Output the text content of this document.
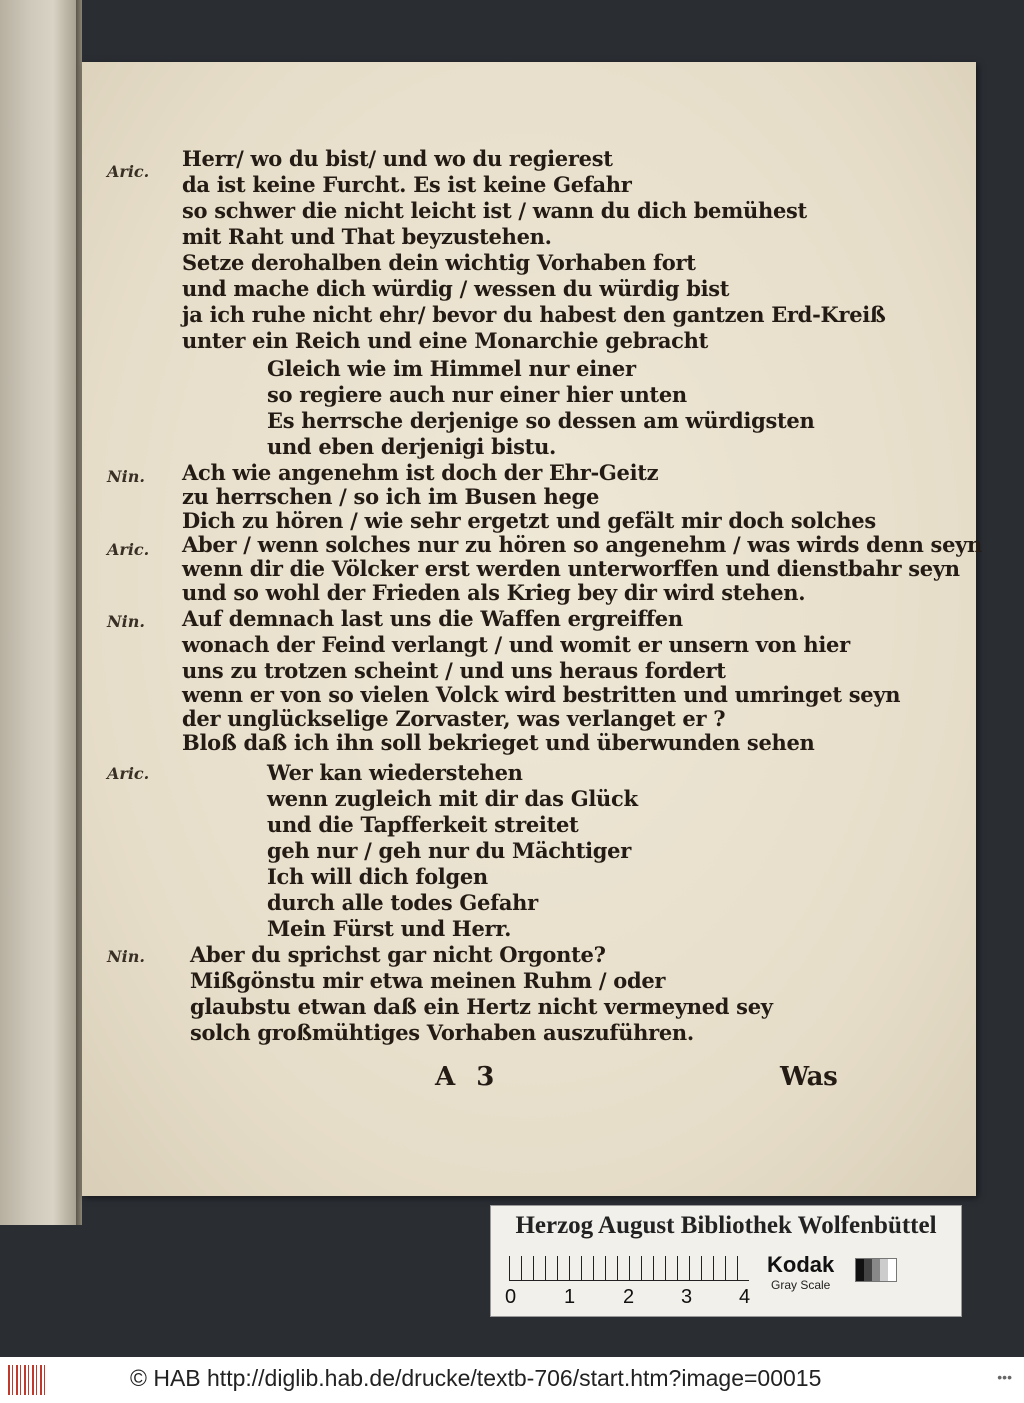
Aric.
Nin.
Aric.
Nin.
Aric.
Nin.
Herr/ wo du bist/ und wo du regierest
da ist keine Furcht. Es ist keine Gefahr
so schwer die nicht leicht ist / wann du dich bemühest
mit Raht und That beyzustehen.
Setze derohalben dein wichtig Vorhaben fort
und mache dich würdig / wessen du würdig bist
ja ich ruhe nicht ehr/ bevor du habest den gantzen Erd-Kreiß
unter ein Reich und eine Monarchie gebracht
Gleich wie im Himmel nur einer
so regiere auch nur einer hier unten
Es herrsche derjenige so dessen am würdigsten
und eben derjenigi bistu.
Ach wie angenehm ist doch der Ehr-Geitz
zu herrschen / so ich im Busen hege
Dich zu hören / wie sehr ergetzt und gefält mir doch solches
Aber / wenn solches nur zu hören so angenehm / was wirds denn seyn
wenn dir die Völcker erst werden unterworffen und dienstbahr seyn
und so wohl der Frieden als Krieg bey dir wird stehen.
Auf demnach last uns die Waffen ergreiffen
wonach der Feind verlangt / und womit er unsern von hier
uns zu trotzen scheint / und uns heraus fordert
wenn er von so vielen Volck wird bestritten und umringet seyn
der unglückselige Zorvaster, was verlanget er ?
Bloß daß ich ihn soll bekrieget und überwunden sehen
Wer kan wiederstehen
wenn zugleich mit dir das Glück
und die Tapfferkeit streitet
geh nur / geh nur du Mächtiger
Ich will dich folgen
durch alle todes Gefahr
Mein Fürst und Herr.
Aber du sprichst gar nicht Orgonte?
Mißgönstu mir etwa meinen Ruhm / oder
glaubstu etwan daß ein Hertz nicht vermeyned sey
solch großmühtiges Vorhaben auszuführen.
A 3	Was
Herzog August Bibliothek Wolfenbüttel
0 1 2 3 4
Kodak
Gray Scale
© HAB http://diglib.hab.de/drucke/textb-706/start.htm?image=00015	•••
